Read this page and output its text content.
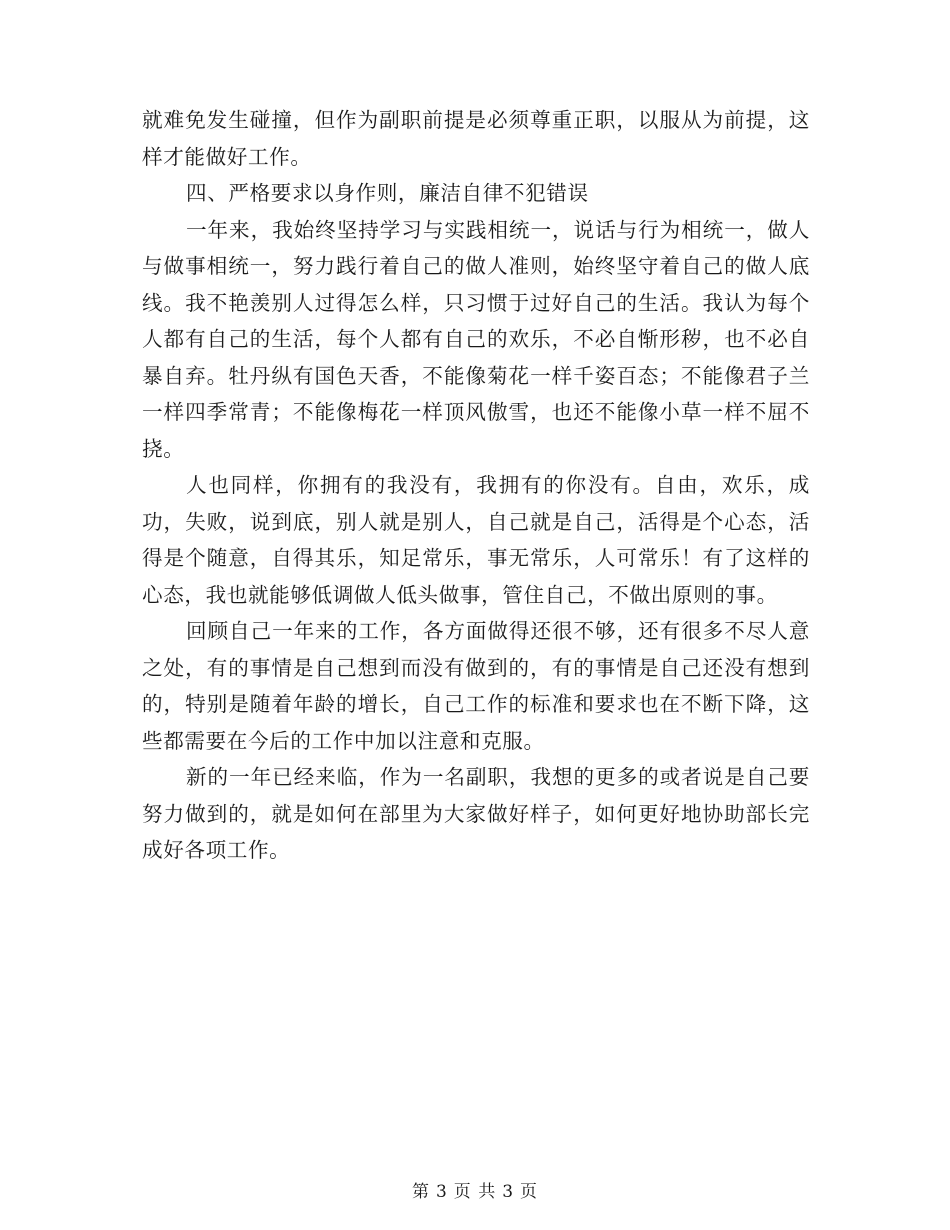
就难免发生碰撞，但作为副职前提是必须尊重正职，以服从为前提，这样才能做好工作。

四、严格要求以身作则，廉洁自律不犯错误

一年来，我始终坚持学习与实践相统一，说话与行为相统一，做人与做事相统一，努力践行着自己的做人准则，始终坚守着自己的做人底线。我不艳羡别人过得怎么样，只习惯于过好自己的生活。我认为每个人都有自己的生活，每个人都有自己的欢乐，不必自惭形秽，也不必自暴自弃。牡丹纵有国色天香，不能像菊花一样千姿百态；不能像君子兰一样四季常青；不能像梅花一样顶风傲雪，也还不能像小草一样不屈不挠。

人也同样，你拥有的我没有，我拥有的你没有。自由，欢乐，成功，失败，说到底，别人就是别人，自己就是自己，活得是个心态，活得是个随意，自得其乐，知足常乐，事无常乐，人可常乐！有了这样的心态，我也就能够低调做人低头做事，管住自己，不做出原则的事。

回顾自己一年来的工作，各方面做得还很不够，还有很多不尽人意之处，有的事情是自己想到而没有做到的，有的事情是自己还没有想到的，特别是随着年龄的增长，自己工作的标准和要求也在不断下降，这些都需要在今后的工作中加以注意和克服。

新的一年已经来临，作为一名副职，我想的更多的或者说是自己要努力做到的，就是如何在部里为大家做好样子，如何更好地协助部长完成好各项工作。

第 3 页 共 3 页
